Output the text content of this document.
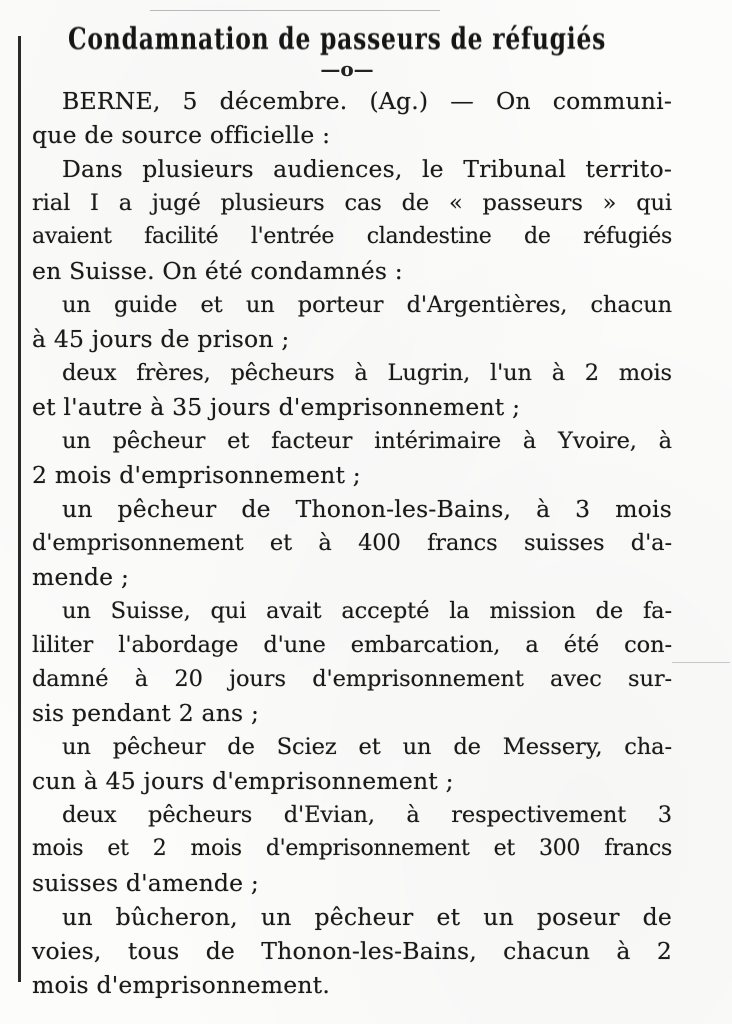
Condamnation de passeurs de réfugiés
—o—
BERNE, 5 décembre. (Ag.) — On communi-
que de source officielle :
Dans plusieurs audiences, le Tribunal territo-
rial I a jugé plusieurs cas de « passeurs » qui
avaient facilité l'entrée clandestine de réfugiés
en Suisse. On été condamnés :
un guide et un porteur d'Argentières, chacun
à 45 jours de prison ;
deux frères, pêcheurs à Lugrin, l'un à 2 mois
et l'autre à 35 jours d'emprisonnement ;
un pêcheur et facteur intérimaire à Yvoire, à
2 mois d'emprisonnement ;
un pêcheur de Thonon-les-Bains, à 3 mois
d'emprisonnement et à 400 francs suisses d'a-
mende ;
un Suisse, qui avait accepté la mission de fa-
liliter l'abordage d'une embarcation, a été con-
damné à 20 jours d'emprisonnement avec sur-
sis pendant 2 ans ;
un pêcheur de Sciez et un de Messery, cha-
cun à 45 jours d'emprisonnement ;
deux pêcheurs d'Evian, à respectivement 3
mois et 2 mois d'emprisonnement et 300 francs
suisses d'amende ;
un bûcheron, un pêcheur et un poseur de
voies, tous de Thonon-les-Bains, chacun à 2
mois d'emprisonnement.
